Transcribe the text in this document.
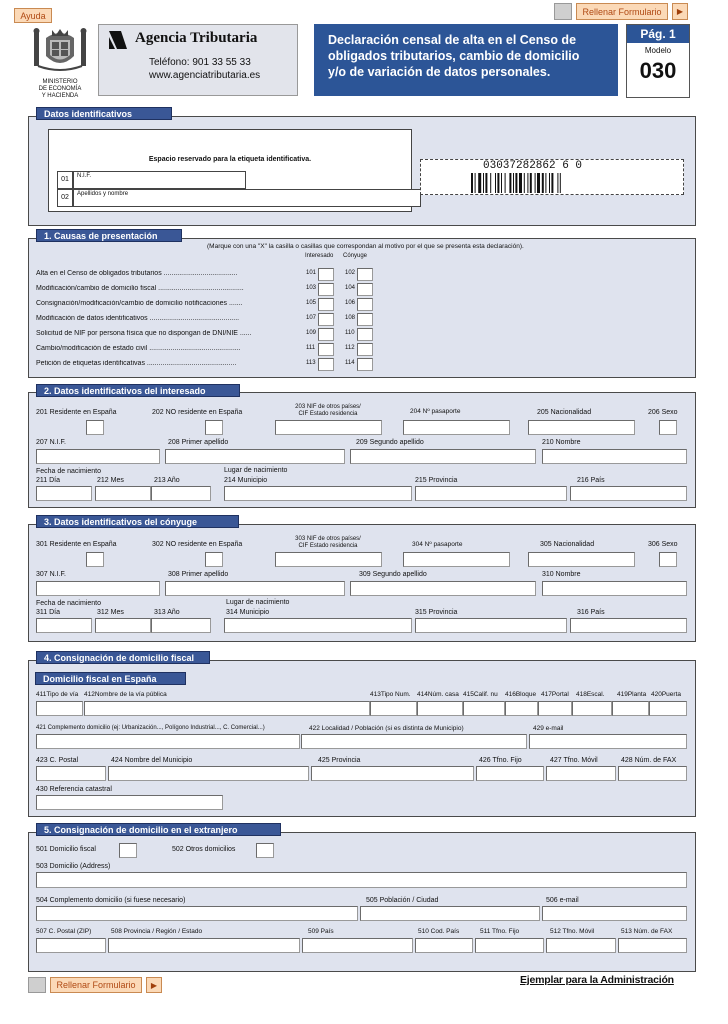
Ayuda	Rellenar Formulario	▶
MINISTERIO
DE ECONOMÍA
Y HACIENDA
Agencia Tributaria
Teléfono: 901 33 55 33
www.agenciatributaria.es
Declaración censal de alta en el Censo de
obligados tributarios, cambio de domicilio
y/o de variación de datos personales.
Pág. 1
Modelo
030
Espacio reservado para la etiqueta identificativa.
01	N.I.F.
02	Apellidos y nombre
03037282862 6 0
Datos identificativos
(Marque con una "X" la casilla o casillas que correspondan al motivo por el que se presenta esta declaración).
Interesado Cónyuge
Alta en el Censo de obligados tributarios ......................................	101	102
Modificación/cambio de domicilio fiscal ............................................	103	104
Consignación/modificación/cambio de domicilio notificaciones .......	105	106
Modificación de datos identificativos ..............................................	107	108
Solicitud de NIF por persona física que no dispongan de DNI/NIE ......	109	110
Cambio/modificación de estado civil ...............................................	111	112
Petición de etiquetas identificativas ..............................................	113	114
1. Causas de presentación
201 Residente en España	202 NO residente en España
203 NIF de otros países/
CIF Estado residencia	204 Nº pasaporte	205 Nacionalidad	206 Sexo
207 N.I.F.	208 Primer apellido	209 Segundo apellido	210 Nombre
Fecha de nacimiento	Lugar de nacimiento
211 Día	212 Mes	213 Año	214 Municipio	215 Provincia	216 País
2. Datos identificativos del interesado
301 Residente en España	302 NO residente en España
303 NIF de otros países/
CIF Estado residencia	304 Nº pasaporte	305 Nacionalidad	306 Sexo
307 N.I.F.	308 Primer apellido	309 Segundo apellido	310 Nombre
Fecha de nacimiento	Lugar de nacimiento
311 Día	312 Mes	313 Año	314 Municipio	315 Provincia	316 País
3. Datos identificativos del cónyuge
Domicilio fiscal en España
411Tipo de vía 412Nombre de la vía pública	413Tipo Num. 414Núm. casa 415Calif. nu 416Bloque 417Portal 418Escal. 419Planta 420Puerta
421 Complemento domicilio (ej: Urbanización..., Polígono Industrial..., C. Comercial...)	422 Localidad / Población (si es distinta de Municipio)	429 e-mail
423 C. Postal	424 Nombre del Municipio	425 Provincia	426 Tfno. Fijo	427 Tfno. Móvil	428 Núm. de FAX
430 Referencia catastral
4. Consignación de domicilio fiscal
501 Domicilio fiscal	502 Otros domicilios
503 Domicilio (Address)
504 Complemento domicilio (si fuese necesario)	505 Población / Ciudad	506 e-mail
507 C. Postal (ZIP)	508 Provincia / Región / Estado	509 País	510 Cod. País	511 Tfno. Fijo	512 Tfno. Móvil	513 Núm. de FAX
5. Consignación de domicilio en el extranjero
Rellenar Formulario	▶	Ejemplar para la Administración
